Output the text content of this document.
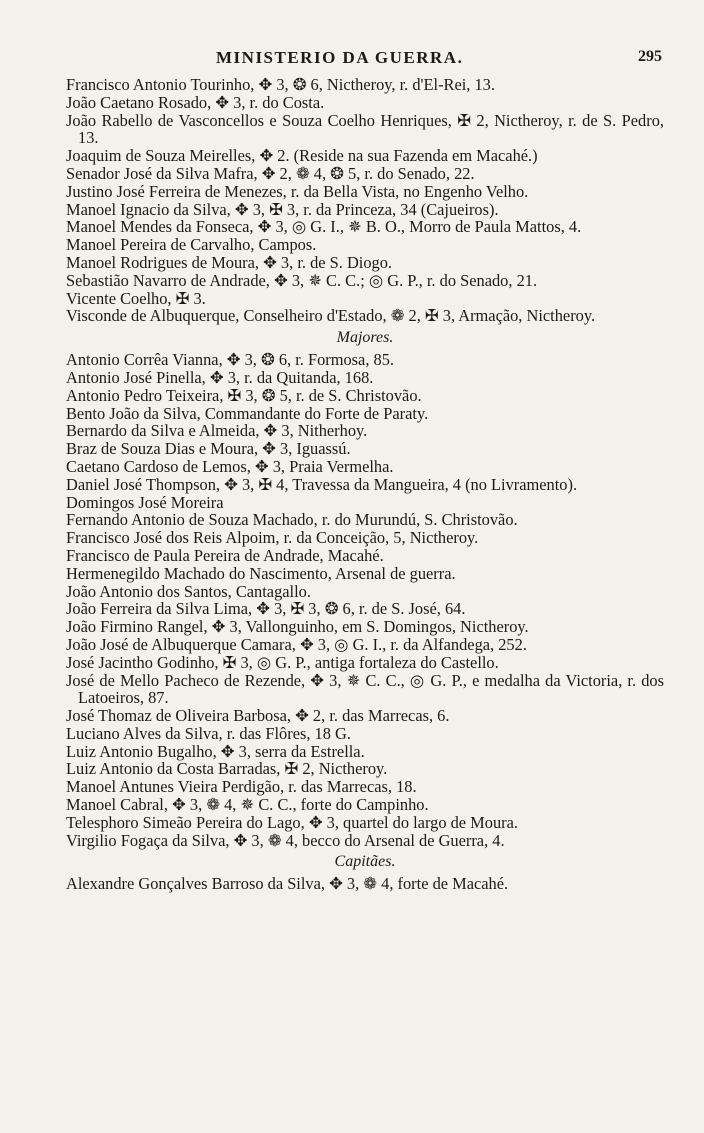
MINISTERIO DA GUERRA.	295
Francisco Antonio Tourinho, ✥ 3, ❂ 6, Nictheroy, r. d'El-Rei, 13.
João Caetano Rosado, ✥ 3, r. do Costa.
João Rabello de Vasconcellos e Souza Coelho Henriques, ✠ 2, Nictheroy, r. de S. Pedro, 13.
Joaquim de Souza Meirelles, ✥ 2. (Reside na sua Fazenda em Macahé.)
Senador José da Silva Mafra, ✥ 2, ❁ 4, ❂ 5, r. do Senado, 22.
Justino José Ferreira de Menezes, r. da Bella Vista, no Engenho Velho.
Manoel Ignacio da Silva, ✥ 3, ✠ 3, r. da Princeza, 34 (Cajueiros).
Manoel Mendes da Fonseca, ✥ 3, ◎ G. I., ✵ B. O., Morro de Paula Mattos, 4.
Manoel Pereira de Carvalho, Campos.
Manoel Rodrigues de Moura, ✥ 3, r. de S. Diogo.
Sebastião Navarro de Andrade, ✥ 3, ✵ C. C.; ◎ G. P., r. do Senado, 21.
Vicente Coelho, ✠ 3.
Visconde de Albuquerque, Conselheiro d'Estado, ❁ 2, ✠ 3, Armação, Nictheroy.
Majores.
Antonio Corrêa Vianna, ✥ 3, ❂ 6, r. Formosa, 85.
Antonio José Pinella, ✥ 3, r. da Quitanda, 168.
Antonio Pedro Teixeira, ✠ 3, ❂ 5, r. de S. Christovão.
Bento João da Silva, Commandante do Forte de Paraty.
Bernardo da Silva e Almeida, ✥ 3, Nitherhoy.
Braz de Souza Dias e Moura, ✥ 3, Iguassú.
Caetano Cardoso de Lemos, ✥ 3, Praia Vermelha.
Daniel José Thompson, ✥ 3, ✠ 4, Travessa da Mangueira, 4 (no Livramento).
Domingos José Moreira
Fernando Antonio de Souza Machado, r. do Murundú, S. Christovão.
Francisco José dos Reis Alpoim, r. da Conceição, 5, Nictheroy.
Francisco de Paula Pereira de Andrade, Macahé.
Hermenegildo Machado do Nascimento, Arsenal de guerra.
João Antonio dos Santos, Cantagallo.
João Ferreira da Silva Lima, ✥ 3, ✠ 3, ❂ 6, r. de S. José, 64.
João Firmino Rangel, ✥ 3, Vallonguinho, em S. Domingos, Nictheroy.
João José de Albuquerque Camara, ✥ 3, ◎ G. I., r. da Alfandega, 252.
José Jacintho Godinho, ✠ 3, ◎ G. P., antiga fortaleza do Castello.
José de Mello Pacheco de Rezende, ✥ 3, ✵ C. C., ◎ G. P., e medalha da Victoria, r. dos Latoeiros, 87.
José Thomaz de Oliveira Barbosa, ✥ 2, r. das Marrecas, 6.
Luciano Alves da Silva, r. das Flôres, 18 G.
Luiz Antonio Bugalho, ✥ 3, serra da Estrella.
Luiz Antonio da Costa Barradas, ✠ 2, Nictheroy.
Manoel Antunes Vieira Perdigão, r. das Marrecas, 18.
Manoel Cabral, ✥ 3, ❁ 4, ✵ C. C., forte do Campinho.
Telesphoro Simeão Pereira do Lago, ✥ 3, quartel do largo de Moura.
Virgilio Fogaça da Silva, ✥ 3, ❁ 4, becco do Arsenal de Guerra, 4.
Capitães.
Alexandre Gonçalves Barroso da Silva, ✥ 3, ❁ 4, forte de Macahé.
